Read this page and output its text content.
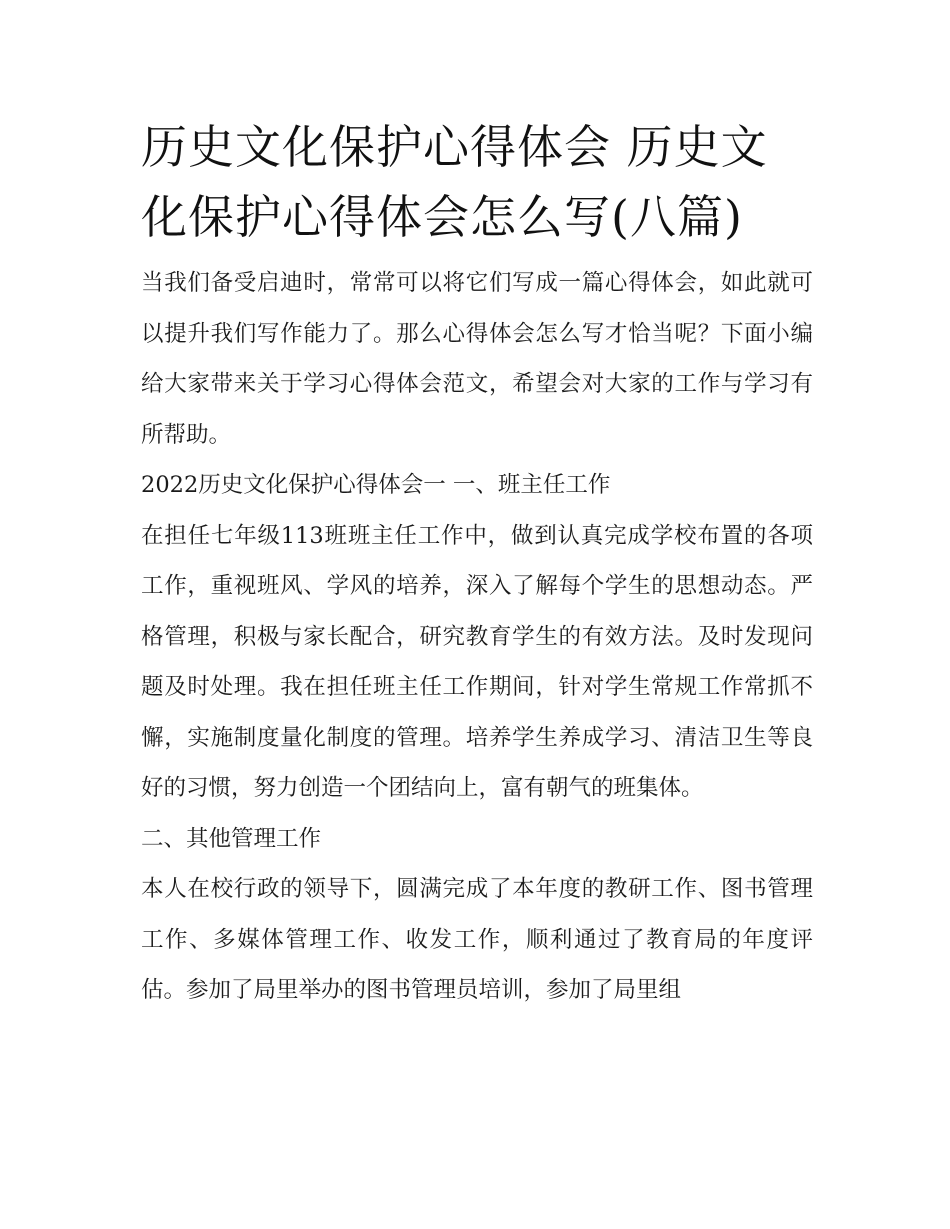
历史文化保护心得体会 历史文化保护心得体会怎么写(八篇)

当我们备受启迪时，常常可以将它们写成一篇心得体会，如此就可以提升我们写作能力了。那么心得体会怎么写才恰当呢？下面小编给大家带来关于学习心得体会范文，希望会对大家的工作与学习有所帮助。

2022历史文化保护心得体会一 一、班主任工作

在担任七年级113班班主任工作中，做到认真完成学校布置的各项工作，重视班风、学风的培养，深入了解每个学生的思想动态。严格管理，积极与家长配合，研究教育学生的有效方法。及时发现问题及时处理。我在担任班主任工作期间，针对学生常规工作常抓不懈，实施制度量化制度的管理。培养学生养成学习、清洁卫生等良好的习惯，努力创造一个团结向上，富有朝气的班集体。

二、其他管理工作

本人在校行政的领导下，圆满完成了本年度的教研工作、图书管理工作、多媒体管理工作、收发工作，顺利通过了教育局的年度评估。参加了局里举办的图书管理员培训，参加了局里组
